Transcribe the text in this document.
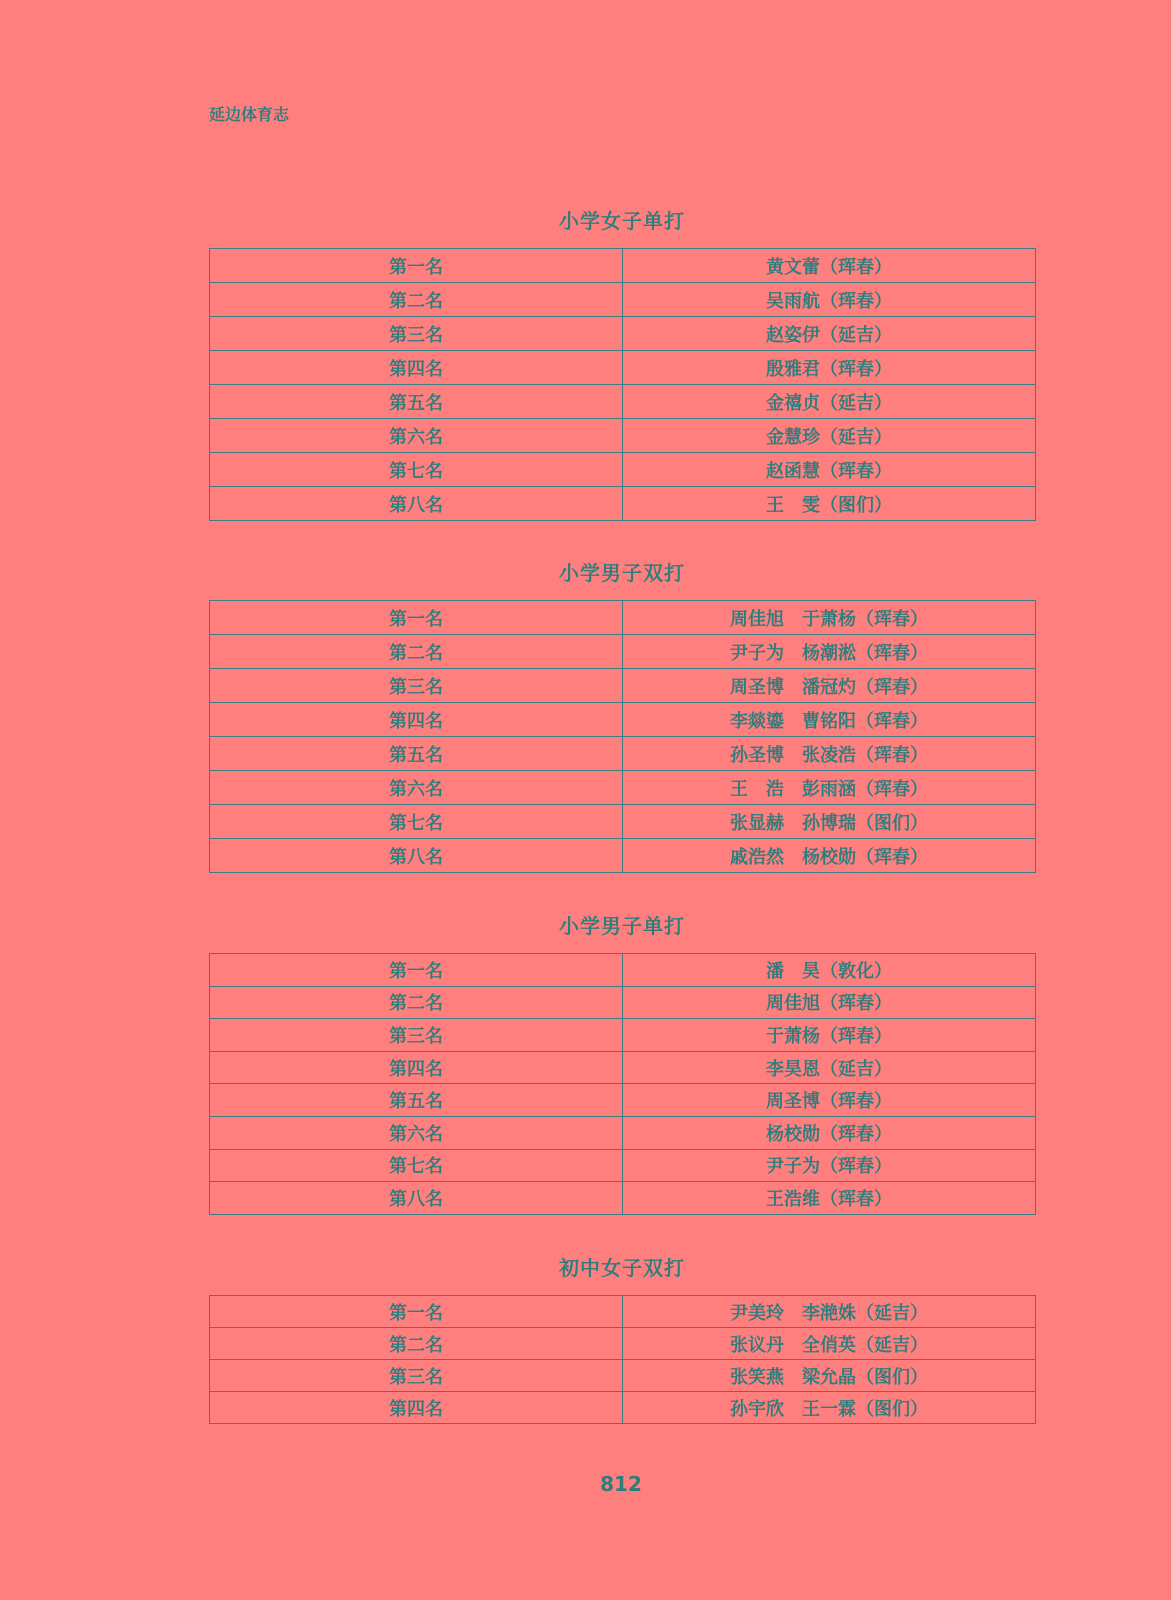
延边体育志
小学女子单打
第一名	黄文蕾（珲春）
第二名	吴雨航（珲春）
第三名	赵姿伊（延吉）
第四名	殷雅君（珲春）
第五名	金禧贞（延吉）
第六名	金慧珍（延吉）
第七名	赵函慧（珲春）
第八名	王　雯（图们）
小学男子双打
第一名	周佳旭　于萧杨（珲春）
第二名	尹子为　杨潮淞（珲春）
第三名	周圣博　潘冠灼（珲春）
第四名	李燚鎏　曹铭阳（珲春）
第五名	孙圣博　张凌浩（珲春）
第六名	王　浩　彭雨涵（珲春）
第七名	张显赫　孙博瑞（图们）
第八名	戚浩然　杨校勋（珲春）
小学男子单打
第一名	潘　昊（敦化）
第二名	周佳旭（珲春）
第三名	于萧杨（珲春）
第四名	李昊恩（延吉）
第五名	周圣博（珲春）
第六名	杨校勋（珲春）
第七名	尹子为（珲春）
第八名	王浩维（珲春）
初中女子双打
第一名	尹美玲　李滟姝（延吉）
第二名	张议丹　全俏英（延吉）
第三名	张笑燕　梁允晶（图们）
第四名	孙宇欣　王一霖（图们）
812
